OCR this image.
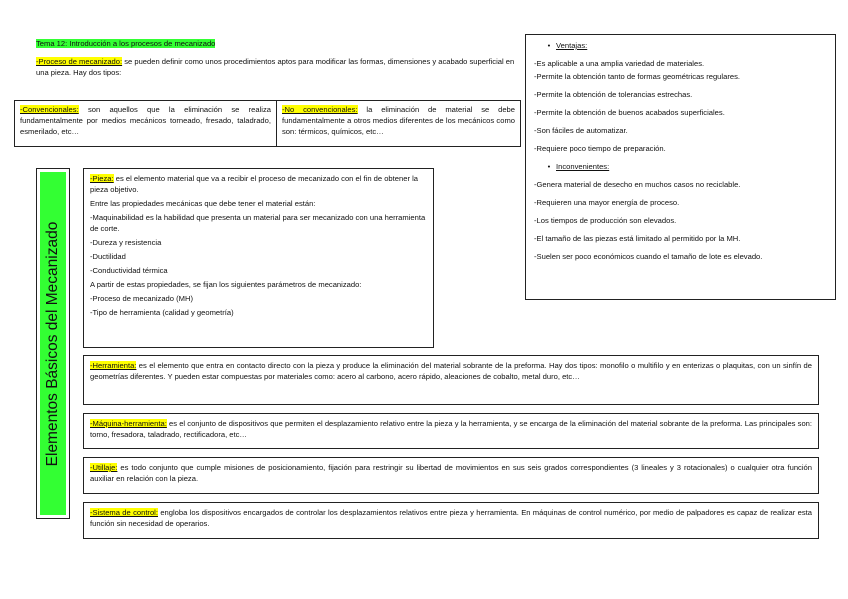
Tema 12: Introducción a los procesos de mecanizado

-Proceso de mecanizado: se pueden definir como unos procedimientos aptos para modificar las formas, dimensiones y acabado superficial en una pieza. Hay dos tipos:

-Convencionales: son aquellos que la eliminación se realiza fundamentalmente por medios mecánicos torneado, fresado, taladrado, esmerilado, etc…

-No convencionales: la eliminación de material se debe fundamentalmente a otros medios diferentes de los mecánicos como son: térmicos, químicos, etc…

Elementos Básicos del Mecanizado

-Pieza: es el elemento material que va a recibir el proceso de mecanizado con el fin de obtener la pieza objetivo.

Entre las propiedades mecánicas que debe tener el material están:

-Maquinabilidad es la habilidad que presenta un material para ser mecanizado con una herramienta de corte.

-Dureza y resistencia

-Ductilidad

-Conductividad térmica

A partir de estas propiedades, se fijan los siguientes parámetros de mecanizado:

-Proceso de mecanizado (MH)

-Tipo de herramienta (calidad y geometría)

-Herramienta: es el elemento que entra en contacto directo con la pieza y produce la eliminación del material sobrante de la preforma. Hay dos tipos: monofilo o multifilo y en enterizas o plaquitas, con un sinfín de geometrías diferentes. Y pueden estar compuestas por materiales como: acero al carbono, acero rápido, aleaciones de cobalto, metal duro, etc…

-Máquina-herramienta: es el conjunto de dispositivos que permiten el desplazamiento relativo entre la pieza y la herramienta, y se encarga de la eliminación del material sobrante de la preforma. Las principales son: torno, fresadora, taladrado, rectificadora, etc…

-Utillaje: es todo conjunto que cumple misiones de posicionamiento, fijación para restringir su libertad de movimientos en sus seis grados correspondientes (3 lineales y 3 rotacionales) o cualquier otra función auxiliar en relación con la pieza.

-Sistema de control: engloba los dispositivos encargados de controlar los desplazamientos relativos entre pieza y herramienta. En máquinas de control numérico, por medio de palpadores es capaz de realizar esta función sin necesidad de operarios.

• Ventajas:

-Es aplicable a una amplia variedad de materiales.

-Permite la obtención tanto de formas geométricas regulares.

-Permite la obtención de tolerancias estrechas.

-Permite la obtención de buenos acabados superficiales.

-Son fáciles de automatizar.

-Requiere poco tiempo de preparación.

• Inconvenientes:

-Genera material de desecho en muchos casos no reciclable.

-Requieren una mayor energía de proceso.

-Los tiempos de producción son elevados.

-El tamaño de las piezas está limitado al permitido por la MH.

-Suelen ser poco económicos cuando el tamaño de lote es elevado.
